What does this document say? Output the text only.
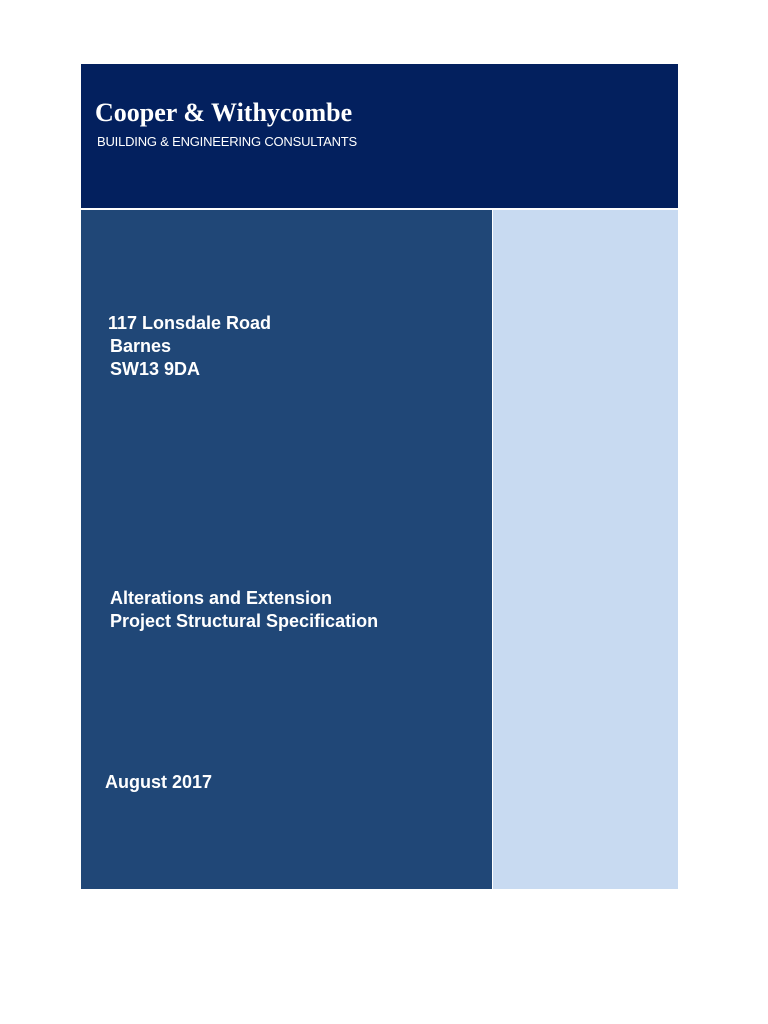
Cooper & Withycombe

BUILDING & ENGINEERING CONSULTANTS

117 Lonsdale Road

Barnes

SW13 9DA

Alterations and Extension

Project Structural Specification

August 2017
